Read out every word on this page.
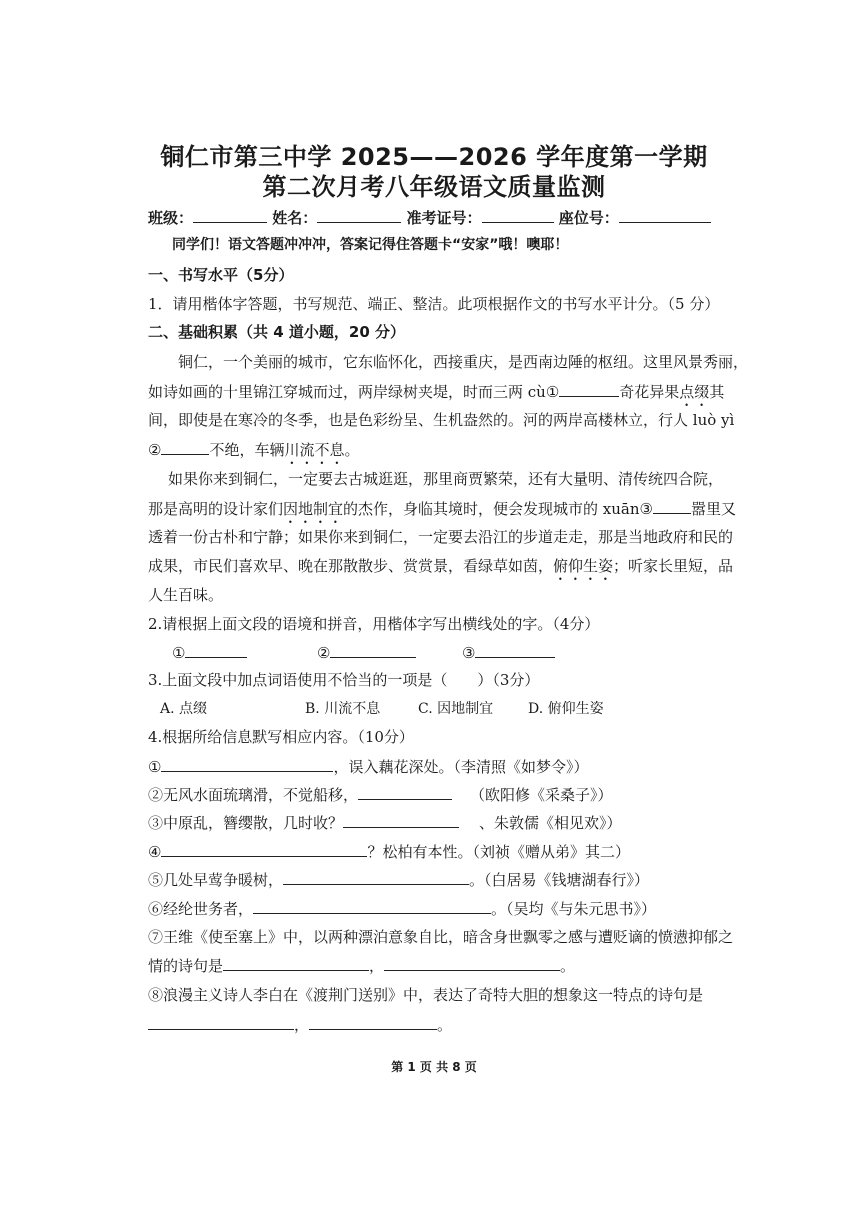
铜仁市第三中学 2025——2026 学年度第一学期
第二次月考八年级语文质量监测
班级：	姓名：	准考证号：	座位号：
同学们！语文答题冲冲冲，答案记得住答题卡“安家”哦！噢耶！
一、书写水平（5分）
1．请用楷体字答题，书写规范、端正、整洁。此项根据作文的书写水平计分。（5 分）
二、基础积累（共 4 道小题，20 分）
铜仁，一个美丽的城市，它东临怀化，西接重庆，是西南边陲的枢纽。这里风景秀丽，
如诗如画的十里锦江穿城而过，两岸绿树夹堤，时而三两 cù①	奇花异果点缀其
间，即使是在寒冷的冬季，也是色彩纷呈、生机盎然的。河的两岸高楼林立，行人 luò yì
②	不绝，车辆川流不息。
如果你来到铜仁，一定要去古城逛逛，那里商贾繁荣，还有大量明、清传统四合院，
那是高明的设计家们因地制宜的杰作，身临其境时，便会发现城市的 xuān③	嚣里又
透着一份古朴和宁静；如果你来到铜仁，一定要去沿江的步道走走，那是当地政府和民的
成果，市民们喜欢早、晚在那散散步、赏赏景，看绿草如茵，俯仰生姿；听家长里短，品
人生百味。
2.请根据上面文段的语境和拼音，用楷体字写出横线处的字。（4分）
①	②	③
3.上面文段中加点词语使用不恰当的一项是（　　）（3分）
A. 点缀	B. 川流不息	C. 因地制宜 D. 俯仰生姿
4.根据所给信息默写相应内容。（10分）
①	，误入藕花深处。（李清照《如梦令》）
②无风水面琉璃滑，不觉船移，	（欧阳修《采桑子》）
③中原乱，簪缨散，几时收？	、朱敦儒《相见欢》）
④	？松柏有本性。（刘祯《赠从弟》其二）
⑤几处早莺争暖树，	。（白居易《钱塘湖春行》）
⑥经纶世务者，	。（吴均《与朱元思书》）
⑦王维《使至塞上》中，以两种漂泊意象自比，暗含身世飘零之感与遭贬谪的愤懑抑郁之
情的诗句是	，	。
⑧浪漫主义诗人李白在《渡荆门送别》中，表达了奇特大胆的想象这一特点的诗句是
，	。
第 1 页 共 8 页
